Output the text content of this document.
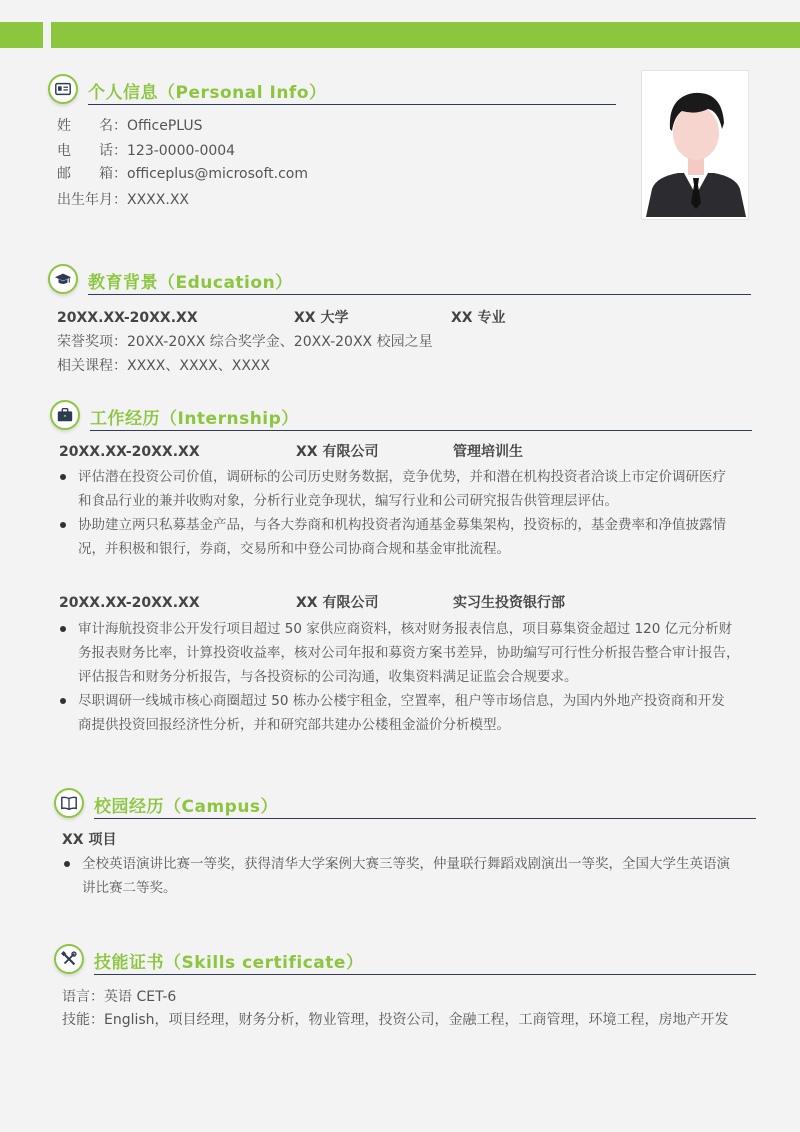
个人信息（Personal Info）
姓　　名：OfficePLUS
电　　话：123-0000-0004
邮　　箱：officeplus@microsoft.com
出生年月：XXXX.XX
教育背景（Education）
20XX.XX-20XX.XX	XX 大学	XX 专业
荣誉奖项：20XX-20XX 综合奖学金、20XX-20XX 校园之星
相关课程：XXXX、XXXX、XXXX
工作经历（Internship）
20XX.XX-20XX.XX	XX 有限公司	管理培训生
评估潜在投资公司价值，调研标的公司历史财务数据，竞争优势，并和潜在机构投资者洽谈上市定价调研医疗
和食品行业的兼并收购对象，分析行业竞争现状，编写行业和公司研究报告供管理层评估。
协助建立两只私募基金产品，与各大券商和机构投资者沟通基金募集架构，投资标的，基金费率和净值披露情
况，并积极和银行，券商，交易所和中登公司协商合规和基金审批流程。
20XX.XX-20XX.XX	XX 有限公司	实习生投资银行部
审计海航投资非公开发行项目超过 50 家供应商资料，核对财务报表信息，项目募集资金超过 120 亿元分析财
务报表财务比率，计算投资收益率，核对公司年报和募资方案书差异，协助编写可行性分析报告整合审计报告，
评估报告和财务分析报告，与各投资标的公司沟通，收集资料满足证监会合规要求。
尽职调研一线城市核心商圈超过 50 栋办公楼宇租金，空置率，租户等市场信息，为国内外地产投资商和开发
商提供投资回报经济性分析，并和研究部共建办公楼租金溢价分析模型。
校园经历（Campus）
XX 项目
全校英语演讲比赛一等奖，获得清华大学案例大赛三等奖，仲量联行舞蹈戏剧演出一等奖，全国大学生英语演
讲比赛二等奖。
技能证书（Skills certificate）
语言：英语 CET-6
技能：English，项目经理，财务分析，物业管理，投资公司，金融工程，工商管理，环境工程，房地产开发
